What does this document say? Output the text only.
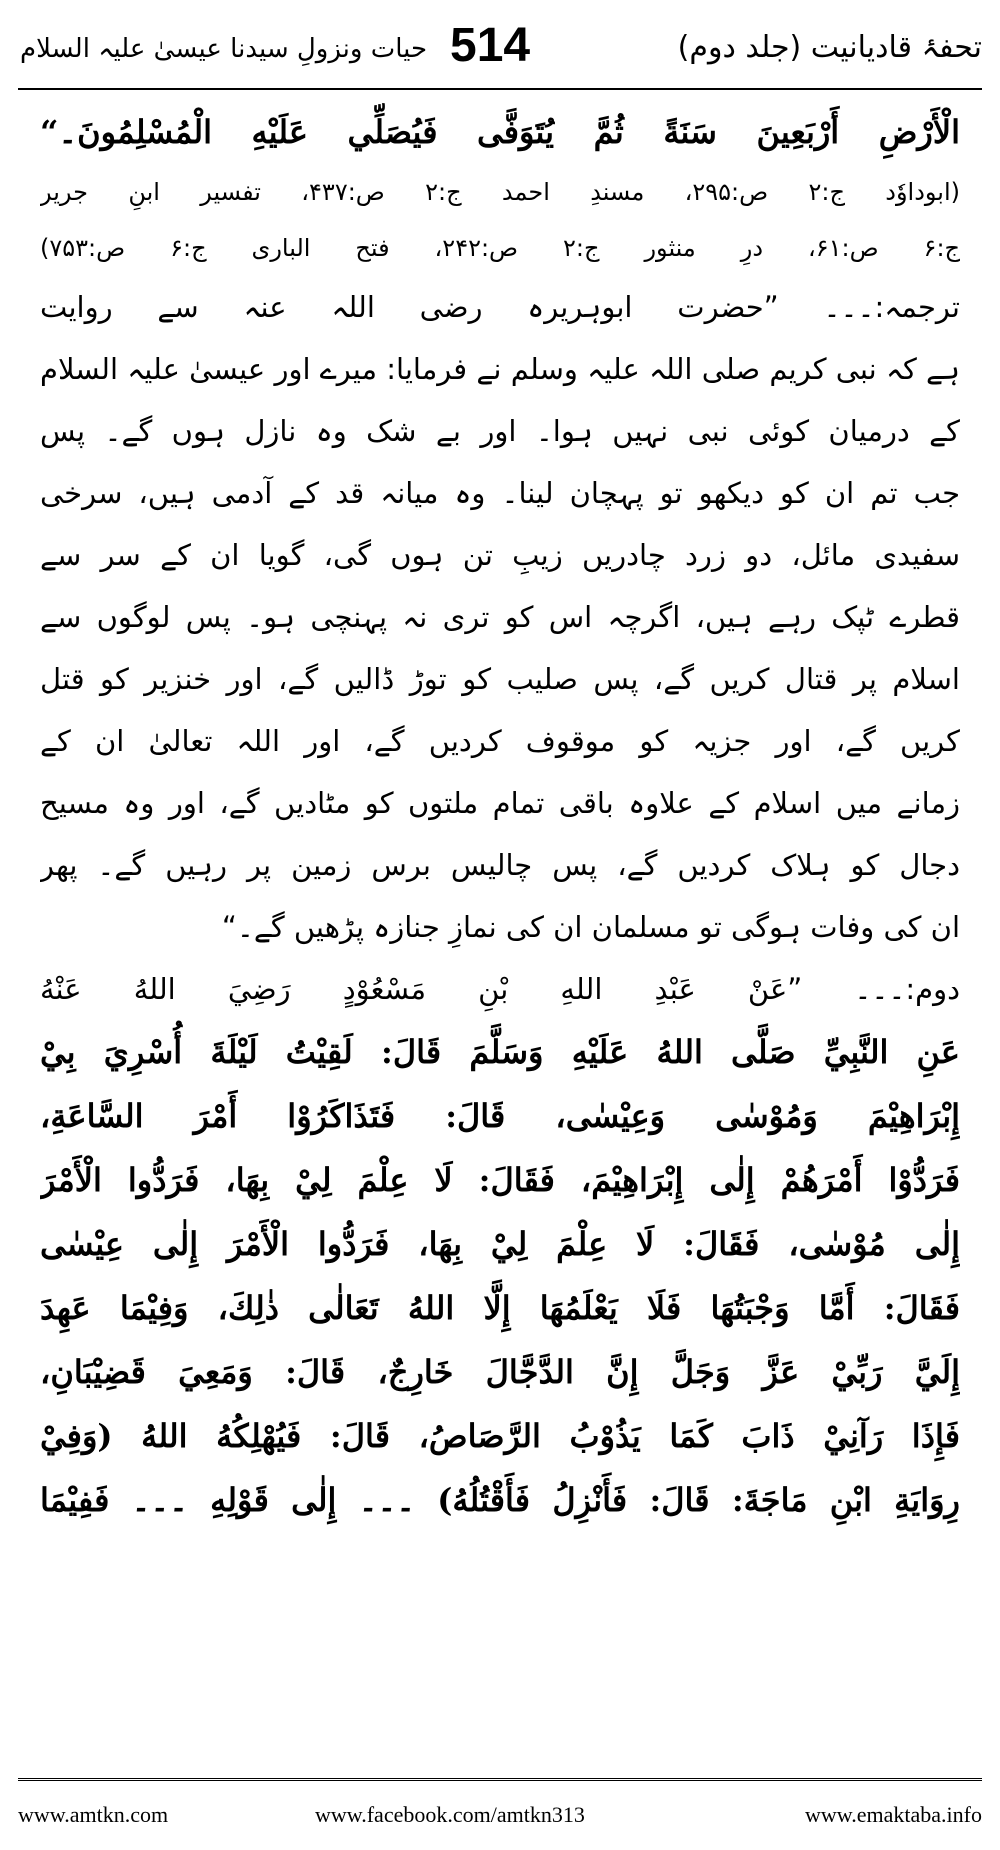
تحفۂ قادیانیت (جلد دوم)
514
حیات ونزولِ سیدنا عیسیٰ علیہ السلام
الْأَرْضِ أَرْبَعِينَ سَنَةً ثُمَّ يُتَوَفَّى فَيُصَلِّي عَلَيْهِ الْمُسْلِمُونَ۔“
(ابوداوٗد ج:۲ ص:۲۹۵، مسندِ احمد ج:۲ ص:۴۳۷، تفسیر ابنِ جریر
ج:۶ ص:۶۱، درِ منثور ج:۲ ص:۲۴۲، فتح الباری ج:۶ ص:۷۵۳)
ترجمہ:۔۔۔ ”حضرت ابوہریرہ رضی اللہ عنہ سے روایت
ہے کہ نبی کریم صلی اللہ علیہ وسلم نے فرمایا: میرے اور عیسیٰ علیہ السلام
کے درمیان کوئی نبی نہیں ہوا۔ اور بے شک وہ نازل ہوں گے۔ پس
جب تم ان کو دیکھو تو پہچان لینا۔ وہ میانہ قد کے آدمی ہیں، سرخی
سفیدی مائل، دو زرد چادریں زیبِ تن ہوں گی، گویا ان کے سر سے
قطرے ٹپک رہے ہیں، اگرچہ اس کو تری نہ پہنچی ہو۔ پس لوگوں سے
اسلام پر قتال کریں گے، پس صلیب کو توڑ ڈالیں گے، اور خنزیر کو قتل
کریں گے، اور جزیہ کو موقوف کردیں گے، اور اللہ تعالیٰ ان کے
زمانے میں اسلام کے علاوہ باقی تمام ملتوں کو مٹادیں گے، اور وہ مسیح
دجال کو ہلاک کردیں گے، پس چالیس برس زمین پر رہیں گے۔ پھر
ان کی وفات ہوگی تو مسلمان ان کی نمازِ جنازہ پڑھیں گے۔“
دوم:۔۔۔ ”عَنْ عَبْدِ اللهِ بْنِ مَسْعُوْدٍ رَضِيَ اللهُ عَنْهُ
عَنِ النَّبِيِّ صَلَّى اللهُ عَلَيْهِ وَسَلَّمَ قَالَ: لَقِيْتُ لَيْلَةَ أُسْرِيَ بِيْ
إِبْرَاهِيْمَ وَمُوْسٰى وَعِيْسٰى، قَالَ: فَتَذَاكَرُوْا أَمْرَ السَّاعَةِ،
فَرَدُّوْا أَمْرَهُمْ إِلٰى إِبْرَاهِيْمَ، فَقَالَ: لَا عِلْمَ لِيْ بِهَا، فَرَدُّوا الْأَمْرَ
إِلٰى مُوْسٰى، فَقَالَ: لَا عِلْمَ لِيْ بِهَا، فَرَدُّوا الْأَمْرَ إِلٰى عِيْسٰى
فَقَالَ: أَمَّا وَجْبَتُهَا فَلَا يَعْلَمُهَا إِلَّا اللهُ تَعَالٰى ذٰلِكَ، وَفِيْمَا عَهِدَ
إِلَيَّ رَبِّيْ عَزَّ وَجَلَّ إِنَّ الدَّجَّالَ خَارِجٌ، قَالَ: وَمَعِيَ قَضِيْبَانِ،
فَإِذَا رَآنِيْ ذَابَ كَمَا يَذُوْبُ الرَّصَاصُ، قَالَ: فَيُهْلِكُهُ اللهُ (وَفِيْ
رِوَايَةِ ابْنِ مَاجَةَ: قَالَ: فَأَنْزِلُ فَأَقْتُلُهُ) ۔۔۔ إِلٰى قَوْلِهِ ۔۔۔ فَفِيْمَا
www.amtkn.com	www.facebook.com/amtkn313	www.emaktaba.info
